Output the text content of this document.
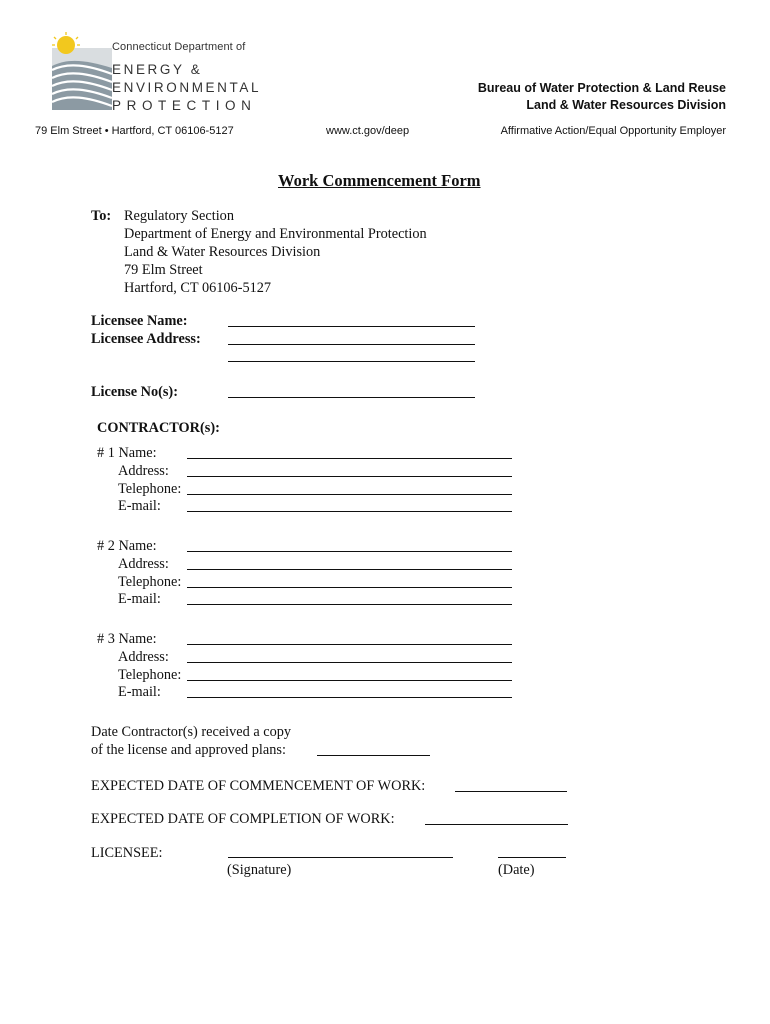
Connecticut Department of
ENERGY &
ENVIRONMENTAL
PROTECTION
Bureau of Water Protection & Land Reuse
Land & Water Resources Division
79 Elm Street • Hartford, CT 06106-5127	www.ct.gov/deep	Affirmative Action/Equal Opportunity Employer
Work Commencement Form
To: Regulatory Section
Department of Energy and Environmental Protection
Land & Water Resources Division
79 Elm Street
Hartford, CT 06106-5127
Licensee Name:
Licensee Address:
License No(s):
CONTRACTOR(s):
# 1 Name:
Address:
Telephone:
E-mail:
# 2 Name:
Address:
Telephone:
E-mail:
# 3 Name:
Address:
Telephone:
E-mail:
Date Contractor(s) received a copy
of the license and approved plans:
EXPECTED DATE OF COMMENCEMENT OF WORK:
EXPECTED DATE OF COMPLETION OF WORK:
LICENSEE:
(Signature)	(Date)
